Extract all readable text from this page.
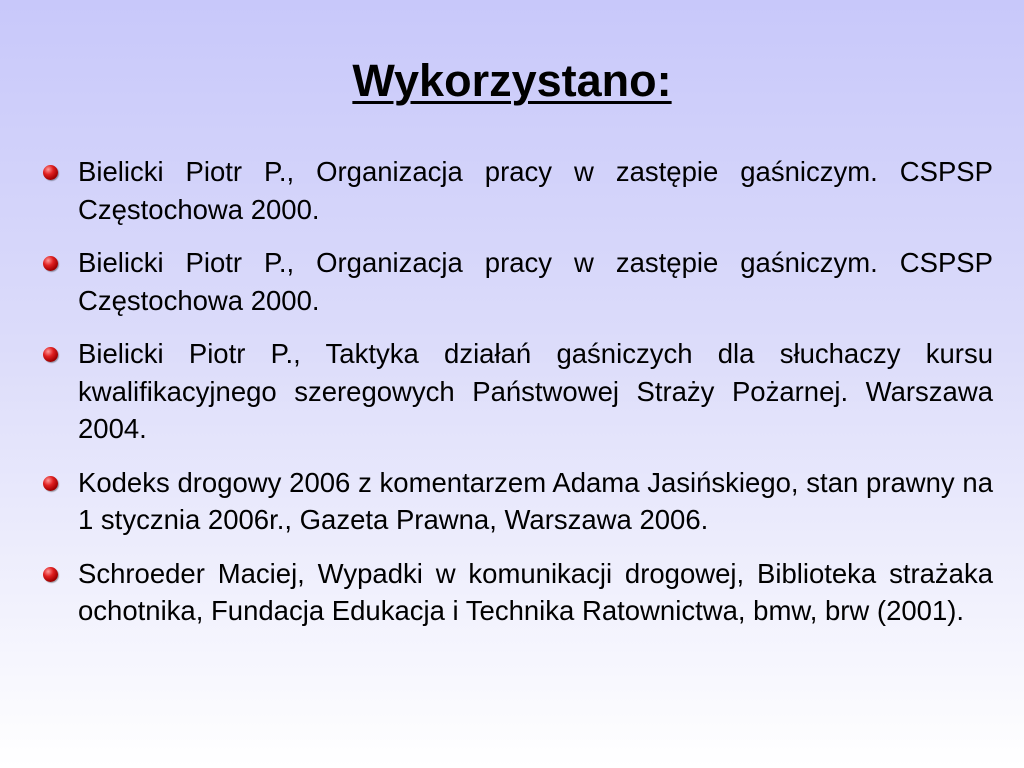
Wykorzystano:
Bielicki Piotr P., Organizacja pracy w zastępie gaśniczym. CSPSP Częstochowa 2000.
Bielicki Piotr P., Organizacja pracy w zastępie gaśniczym. CSPSP Częstochowa 2000.
Bielicki Piotr P., Taktyka działań gaśniczych dla słuchaczy kursu kwalifikacyjnego szeregowych Państwowej Straży Pożarnej. Warszawa 2004.
Kodeks drogowy 2006 z komentarzem Adama Jasińskiego, stan prawny na 1 stycznia 2006r., Gazeta Prawna, Warszawa 2006.
Schroeder Maciej, Wypadki w komunikacji drogowej, Biblioteka strażaka ochotnika, Fundacja Edukacja i Technika Ratownictwa, bmw, brw (2001).
